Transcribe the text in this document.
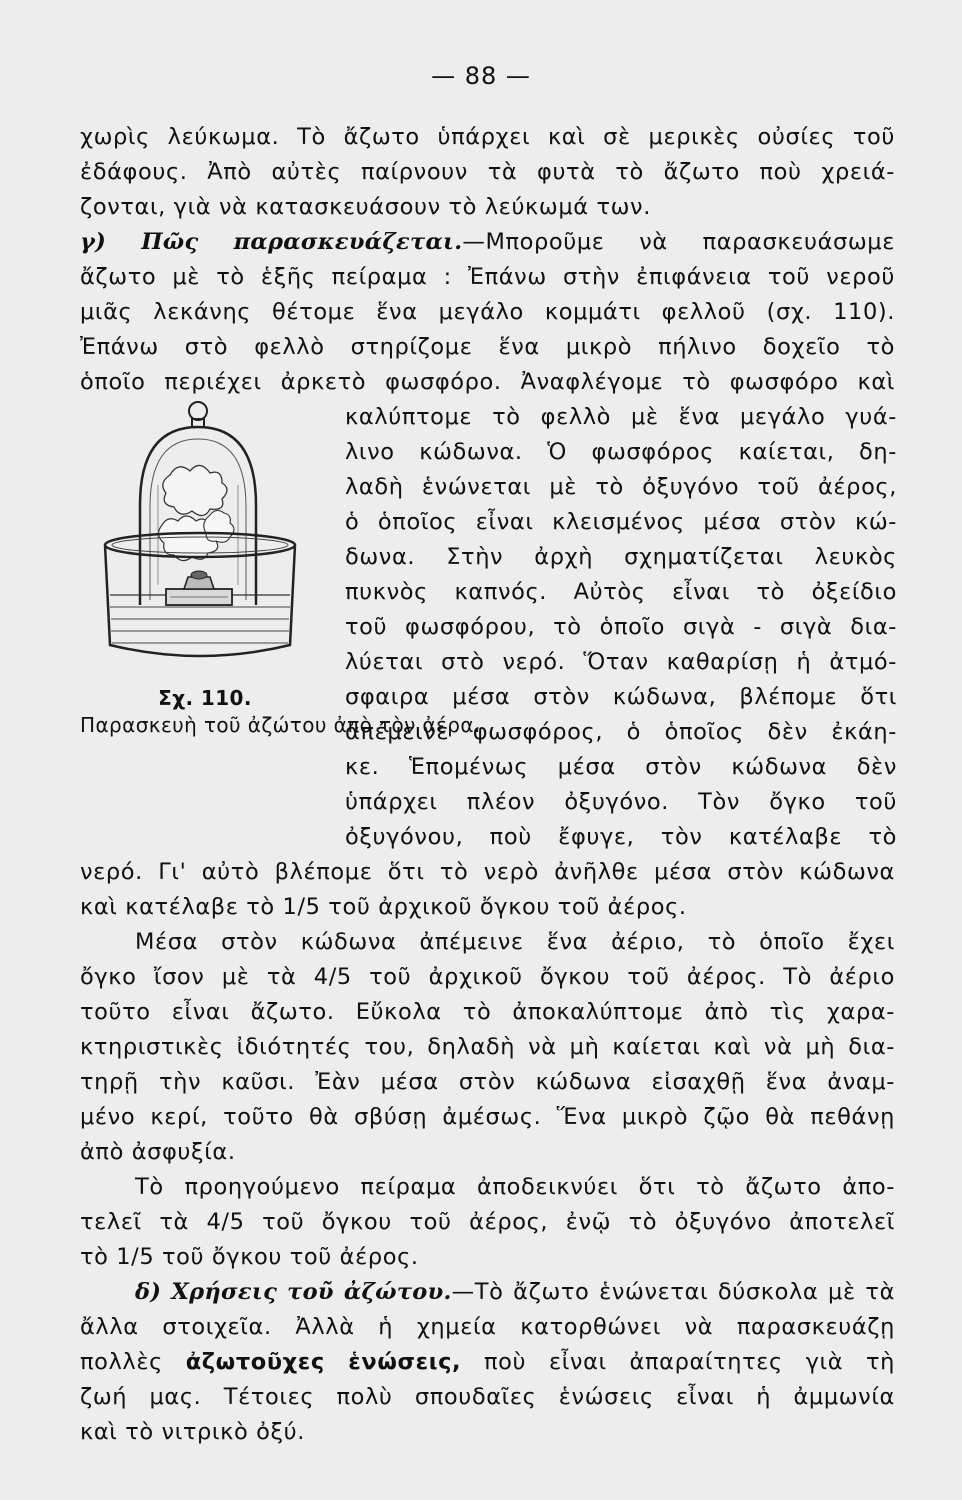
— 88 —
χωρὶς λεύκωμα. Τὸ ἄζωτο ὑπάρχει καὶ σὲ μερικὲς οὐσίες τοῦ
ἐδάφους. Ἀπὸ αὐτὲς παίρνουν τὰ φυτὰ τὸ ἄζωτο ποὺ χρειά-
ζονται, γιὰ νὰ κατασκευάσουν τὸ λεύκωμά των.
γ) Πῶς παρασκευάζεται.—Μποροῦμε νὰ παρασκευάσωμε
ἄζωτο μὲ τὸ ἑξῆς πείραμα : Ἐπάνω στὴν ἐπιφάνεια τοῦ νεροῦ
μιᾶς λεκάνης θέτομε ἕνα μεγάλο κομμάτι φελλοῦ (σχ. 110).
Ἐπάνω στὸ φελλὸ στηρίζομε ἕνα μικρὸ πήλινο δοχεῖο τὸ
ὁποῖο περιέχει ἀρκετὸ φωσφόρο. Ἀναφλέγομε τὸ φωσφόρο καὶ
καλύπτομε τὸ φελλὸ μὲ ἕνα μεγάλο γυά-
λινο κώδωνα. Ὁ φωσφόρος καίεται, δη-
λαδὴ ἑνώνεται μὲ τὸ ὀξυγόνο τοῦ ἀέρος,
ὁ ὁποῖος εἶναι κλεισμένος μέσα στὸν κώ-
δωνα. Στὴν ἀρχὴ σχηματίζεται λευκὸς
πυκνὸς καπνός. Αὐτὸς εἶναι τὸ ὀξείδιο
τοῦ φωσφόρου, τὸ ὁποῖο σιγὰ - σιγὰ δια-
λύεται στὸ νερό. Ὅταν καθαρίσῃ ἡ ἀτμό-
σφαιρα μέσα στὸν κώδωνα, βλέπομε ὅτι
ἀπέμεινε φωσφόρος, ὁ ὁποῖος δὲν ἐκάη-
κε. Ἑπομένως μέσα στὸν κώδωνα δὲν
ὑπάρχει πλέον ὀξυγόνο. Τὸν ὄγκο τοῦ
ὀξυγόνου, ποὺ ἔφυγε, τὸν κατέλαβε τὸ
Σχ. 110. Παρασκευὴ τοῦ ἀζώτου ἀπὸ τὸν ἀέρα.
νερό. Γι' αὐτὸ βλέπομε ὅτι τὸ νερὸ ἀνῆλθε μέσα στὸν κώδωνα
καὶ κατέλαβε τὸ 1/5 τοῦ ἀρχικοῦ ὄγκου τοῦ ἀέρος.
Μέσα στὸν κώδωνα ἀπέμεινε ἕνα ἀέριο, τὸ ὁποῖο ἔχει
ὄγκο ἴσον μὲ τὰ 4/5 τοῦ ἀρχικοῦ ὄγκου τοῦ ἀέρος. Τὸ ἀέριο
τοῦτο εἶναι ἄζωτο. Εὔκολα τὸ ἀποκαλύπτομε ἀπὸ τὶς χαρα-
κτηριστικὲς ἰδιότητές του, δηλαδὴ νὰ μὴ καίεται καὶ νὰ μὴ δια-
τηρῇ τὴν καῦσι. Ἐὰν μέσα στὸν κώδωνα εἰσαχθῇ ἕνα ἀναμ-
μένο κερί, τοῦτο θὰ σβύσῃ ἀμέσως. Ἕνα μικρὸ ζῷο θὰ πεθάνῃ
ἀπὸ ἀσφυξία.
Τὸ προηγούμενο πείραμα ἀποδεικνύει ὅτι τὸ ἄζωτο ἀπο-
τελεῖ τὰ 4/5 τοῦ ὄγκου τοῦ ἀέρος, ἐνῷ τὸ ὀξυγόνο ἀποτελεῖ
τὸ 1/5 τοῦ ὄγκου τοῦ ἀέρος.
δ) Χρήσεις τοῦ ἀζώτου.—Τὸ ἄζωτο ἑνώνεται δύσκολα μὲ τὰ
ἄλλα στοιχεῖα. Ἀλλὰ ἡ χημεία κατορθώνει νὰ παρασκευάζῃ
πολλὲς ἀζωτοῦχες ἑνώσεις, ποὺ εἶναι ἀπαραίτητες γιὰ τὴ
ζωή μας. Τέτοιες πολὺ σπουδαῖες ἑνώσεις εἶναι ἡ ἀμμωνία
καὶ τὸ νιτρικὸ ὀξύ.
